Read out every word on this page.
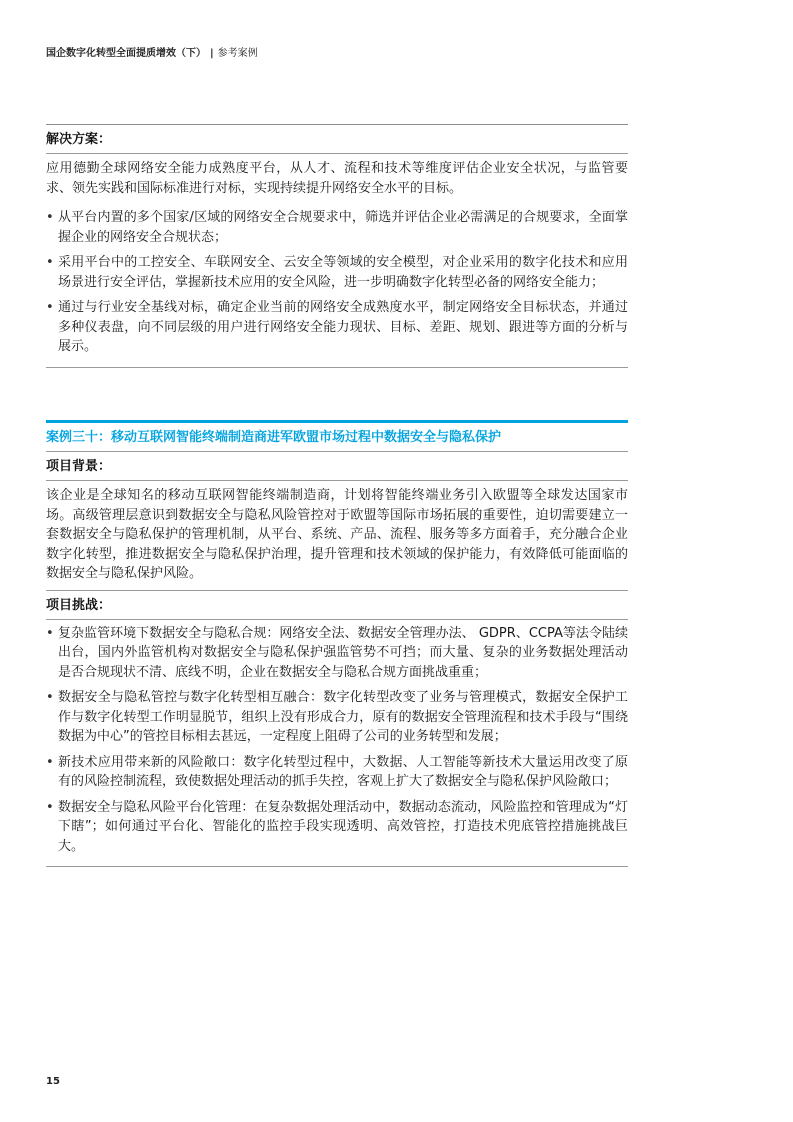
国企数字化转型全面提质增效（下） | 参考案例
解决方案：
应用德勤全球网络安全能力成熟度平台，从人才、流程和技术等维度评估企业安全状况，与监管要求、领先实践和国际标准进行对标，实现持续提升网络安全水平的目标。
• 从平台内置的多个国家/区域的网络安全合规要求中，筛选并评估企业必需满足的合规要求，全面掌握企业的网络安全合规状态；
• 采用平台中的工控安全、车联网安全、云安全等领域的安全模型，对企业采用的数字化技术和应用场景进行安全评估，掌握新技术应用的安全风险，进一步明确数字化转型必备的网络安全能力；
• 通过与行业安全基线对标，确定企业当前的网络安全成熟度水平，制定网络安全目标状态，并通过多种仪表盘，向不同层级的用户进行网络安全能力现状、目标、差距、规划、跟进等方面的分析与展示。
案例三十：移动互联网智能终端制造商进军欧盟市场过程中数据安全与隐私保护
项目背景：
该企业是全球知名的移动互联网智能终端制造商，计划将智能终端业务引入欧盟等全球发达国家市场。高级管理层意识到数据安全与隐私风险管控对于欧盟等国际市场拓展的重要性，迫切需要建立一套数据安全与隐私保护的管理机制，从平台、系统、产品、流程、服务等多方面着手，充分融合企业数字化转型，推进数据安全与隐私保护治理，提升管理和技术领域的保护能力，有效降低可能面临的数据安全与隐私保护风险。
项目挑战：
• 复杂监管环境下数据安全与隐私合规：网络安全法、数据安全管理办法、 GDPR、CCPA等法令陆续出台，国内外监管机构对数据安全与隐私保护强监管势不可挡；而大量、复杂的业务数据处理活动是否合规现状不清、底线不明，企业在数据安全与隐私合规方面挑战重重；
• 数据安全与隐私管控与数字化转型相互融合：数字化转型改变了业务与管理模式，数据安全保护工作与数字化转型工作明显脱节，组织上没有形成合力，原有的数据安全管理流程和技术手段与“围绕数据为中心”的管控目标相去甚远，一定程度上阻碍了公司的业务转型和发展；
• 新技术应用带来新的风险敞口：数字化转型过程中，大数据、人工智能等新技术大量运用改变了原有的风险控制流程，致使数据处理活动的抓手失控，客观上扩大了数据安全与隐私保护风险敞口；
• 数据安全与隐私风险平台化管理：在复杂数据处理活动中，数据动态流动，风险监控和管理成为“灯下瞎”；如何通过平台化、智能化的监控手段实现透明、高效管控，打造技术兜底管控措施挑战巨大。
15
